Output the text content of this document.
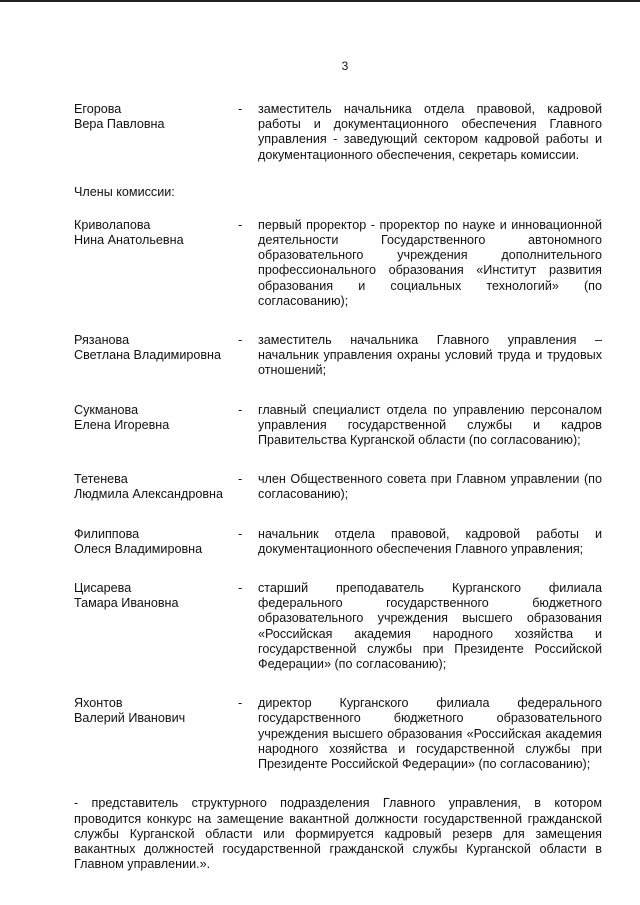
3
Егорова
Вера Павловна
-	заместитель начальника отдела правовой, кадровой работы и документационного обеспечения Главного управления - заведующий сектором кадровой работы и документационного обеспечения, секретарь комиссии.
Члены комиссии:
Криволапова
Нина Анатольевна
-	первый проректор - проректор по науке и инновационной деятельности Государственного автономного образовательного учреждения дополнительного профессионального образования «Институт развития образования и социальных технологий» (по согласованию);
Рязанова
Светлана Владимировна
-	заместитель начальника Главного управления – начальник управления охраны условий труда и трудовых отношений;
Сукманова
Елена Игоревна
-	главный специалист отдела по управлению персоналом управления государственной службы и кадров Правительства Курганской области (по согласованию);
Тетенева
Людмила Александровна
-	член Общественного совета при Главном управлении (по согласованию);
Филиппова
Олеся Владимировна
-	начальник отдела правовой, кадровой работы и документационного обеспечения Главного управления;
Цисарева
Тамара Ивановна
-	старший преподаватель Курганского филиала федерального государственного бюджетного образовательного учреждения высшего образования «Российская академия народного хозяйства и государственной службы при Президенте Российской Федерации» (по согласованию);
Яхонтов
Валерий Иванович
-	директор Курганского филиала федерального государственного бюджетного образовательного учреждения высшего образования «Российская академия народного хозяйства и государственной службы при Президенте Российской Федерации» (по согласованию);
- представитель структурного подразделения Главного управления, в котором проводится конкурс на замещение вакантной должности государственной гражданской службы Курганской области или формируется кадровый резерв для замещения вакантных должностей государственной гражданской службы Курганской области в Главном управлении.».
